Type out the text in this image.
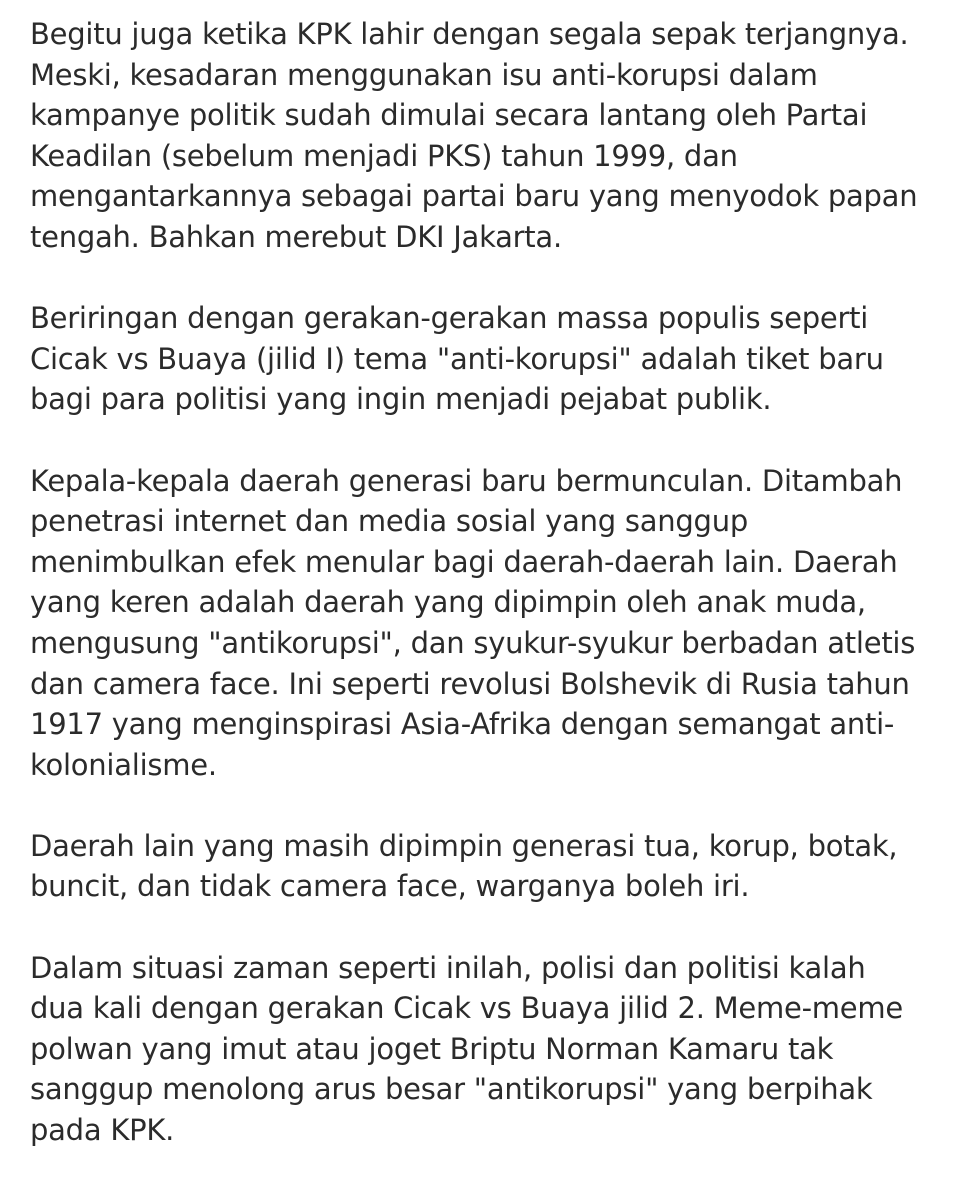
Begitu juga ketika KPK lahir dengan segala sepak terjangnya.
Meski, kesadaran menggunakan isu anti-korupsi dalam
kampanye politik sudah dimulai secara lantang oleh Partai
Keadilan (sebelum menjadi PKS) tahun 1999, dan
mengantarkannya sebagai partai baru yang menyodok papan
tengah. Bahkan merebut DKI Jakarta.

Beriringan dengan gerakan-gerakan massa populis seperti
Cicak vs Buaya (jilid I) tema "anti-korupsi" adalah tiket baru
bagi para politisi yang ingin menjadi pejabat publik.

Kepala-kepala daerah generasi baru bermunculan. Ditambah
penetrasi internet dan media sosial yang sanggup
menimbulkan efek menular bagi daerah-daerah lain. Daerah
yang keren adalah daerah yang dipimpin oleh anak muda,
mengusung "antikorupsi", dan syukur-syukur berbadan atletis
dan camera face. Ini seperti revolusi Bolshevik di Rusia tahun
1917 yang menginspirasi Asia-Afrika dengan semangat anti-
kolonialisme.

Daerah lain yang masih dipimpin generasi tua, korup, botak,
buncit, dan tidak camera face, warganya boleh iri.

Dalam situasi zaman seperti inilah, polisi dan politisi kalah
dua kali dengan gerakan Cicak vs Buaya jilid 2. Meme-meme
polwan yang imut atau joget Briptu Norman Kamaru tak
sanggup menolong arus besar "antikorupsi" yang berpihak
pada KPK.
